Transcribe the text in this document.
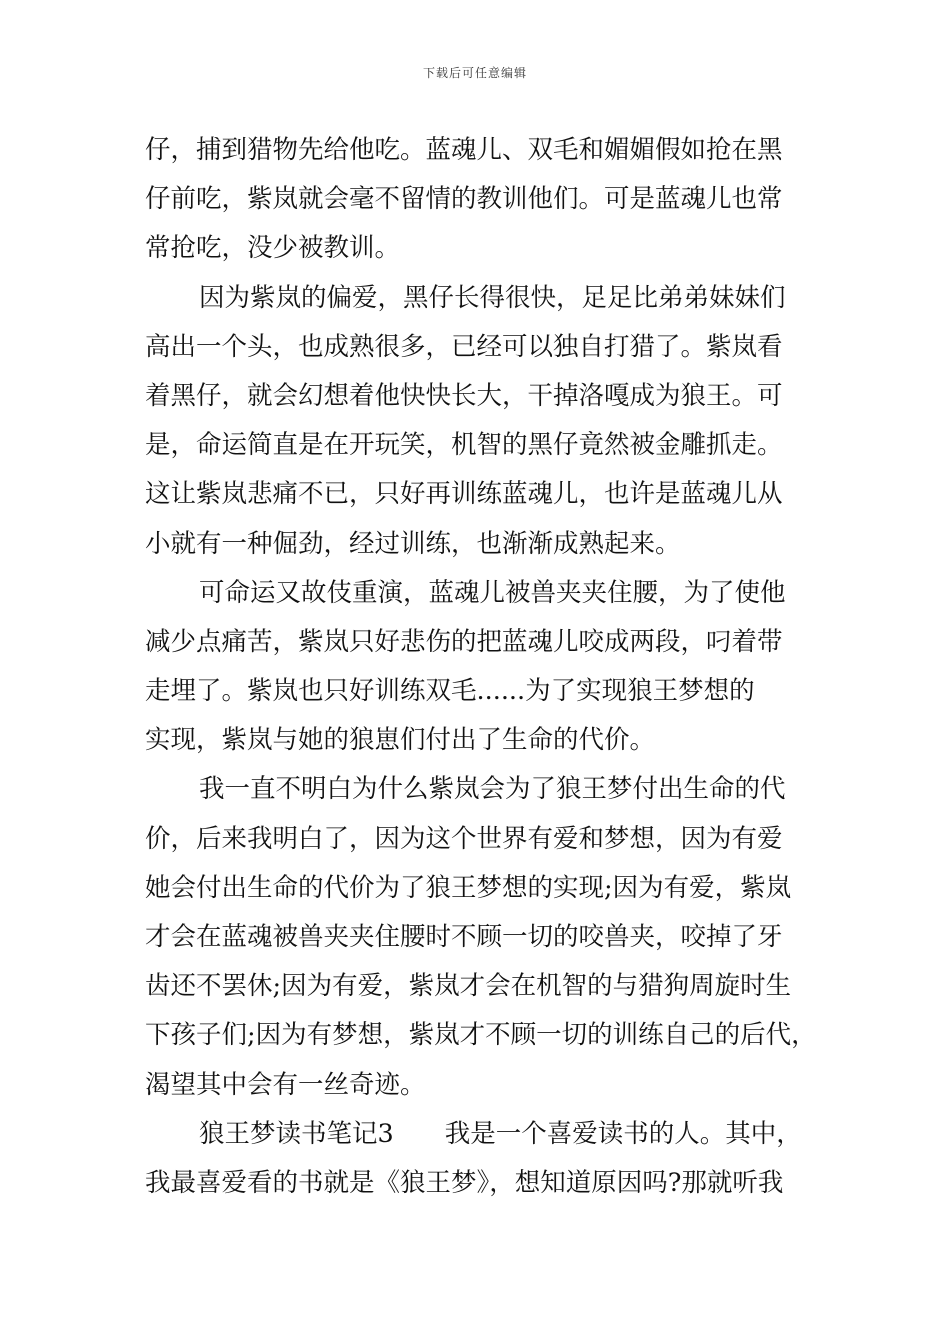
下载后可任意编辑
仔，捕到猎物先给他吃。蓝魂儿、双毛和媚媚假如抢在黑
仔前吃，紫岚就会毫不留情的教训他们。可是蓝魂儿也常
常抢吃，没少被教训。
因为紫岚的偏爱，黑仔长得很快，足足比弟弟妹妹们
高出一个头，也成熟很多，已经可以独自打猎了。紫岚看
着黑仔，就会幻想着他快快长大，干掉洛嘎成为狼王。可
是，命运简直是在开玩笑，机智的黑仔竟然被金雕抓走。
这让紫岚悲痛不已，只好再训练蓝魂儿，也许是蓝魂儿从
小就有一种倔劲，经过训练，也渐渐成熟起来。
可命运又故伎重演，蓝魂儿被兽夹夹住腰，为了使他
减少点痛苦，紫岚只好悲伤的把蓝魂儿咬成两段，叼着带
走埋了。紫岚也只好训练双毛......为了实现狼王梦想的
实现，紫岚与她的狼崽们付出了生命的代价。
我一直不明白为什么紫岚会为了狼王梦付出生命的代
价，后来我明白了，因为这个世界有爱和梦想，因为有爱
她会付出生命的代价为了狼王梦想的实现;因为有爱，紫岚
才会在蓝魂被兽夹夹住腰时不顾一切的咬兽夹，咬掉了牙
齿还不罢休;因为有爱，紫岚才会在机智的与猎狗周旋时生
下孩子们;因为有梦想，紫岚才不顾一切的训练自己的后代，
渴望其中会有一丝奇迹。
狼王梦读书笔记3　　我是一个喜爱读书的人。其中，
我最喜爱看的书就是《狼王梦》，想知道原因吗?那就听我
